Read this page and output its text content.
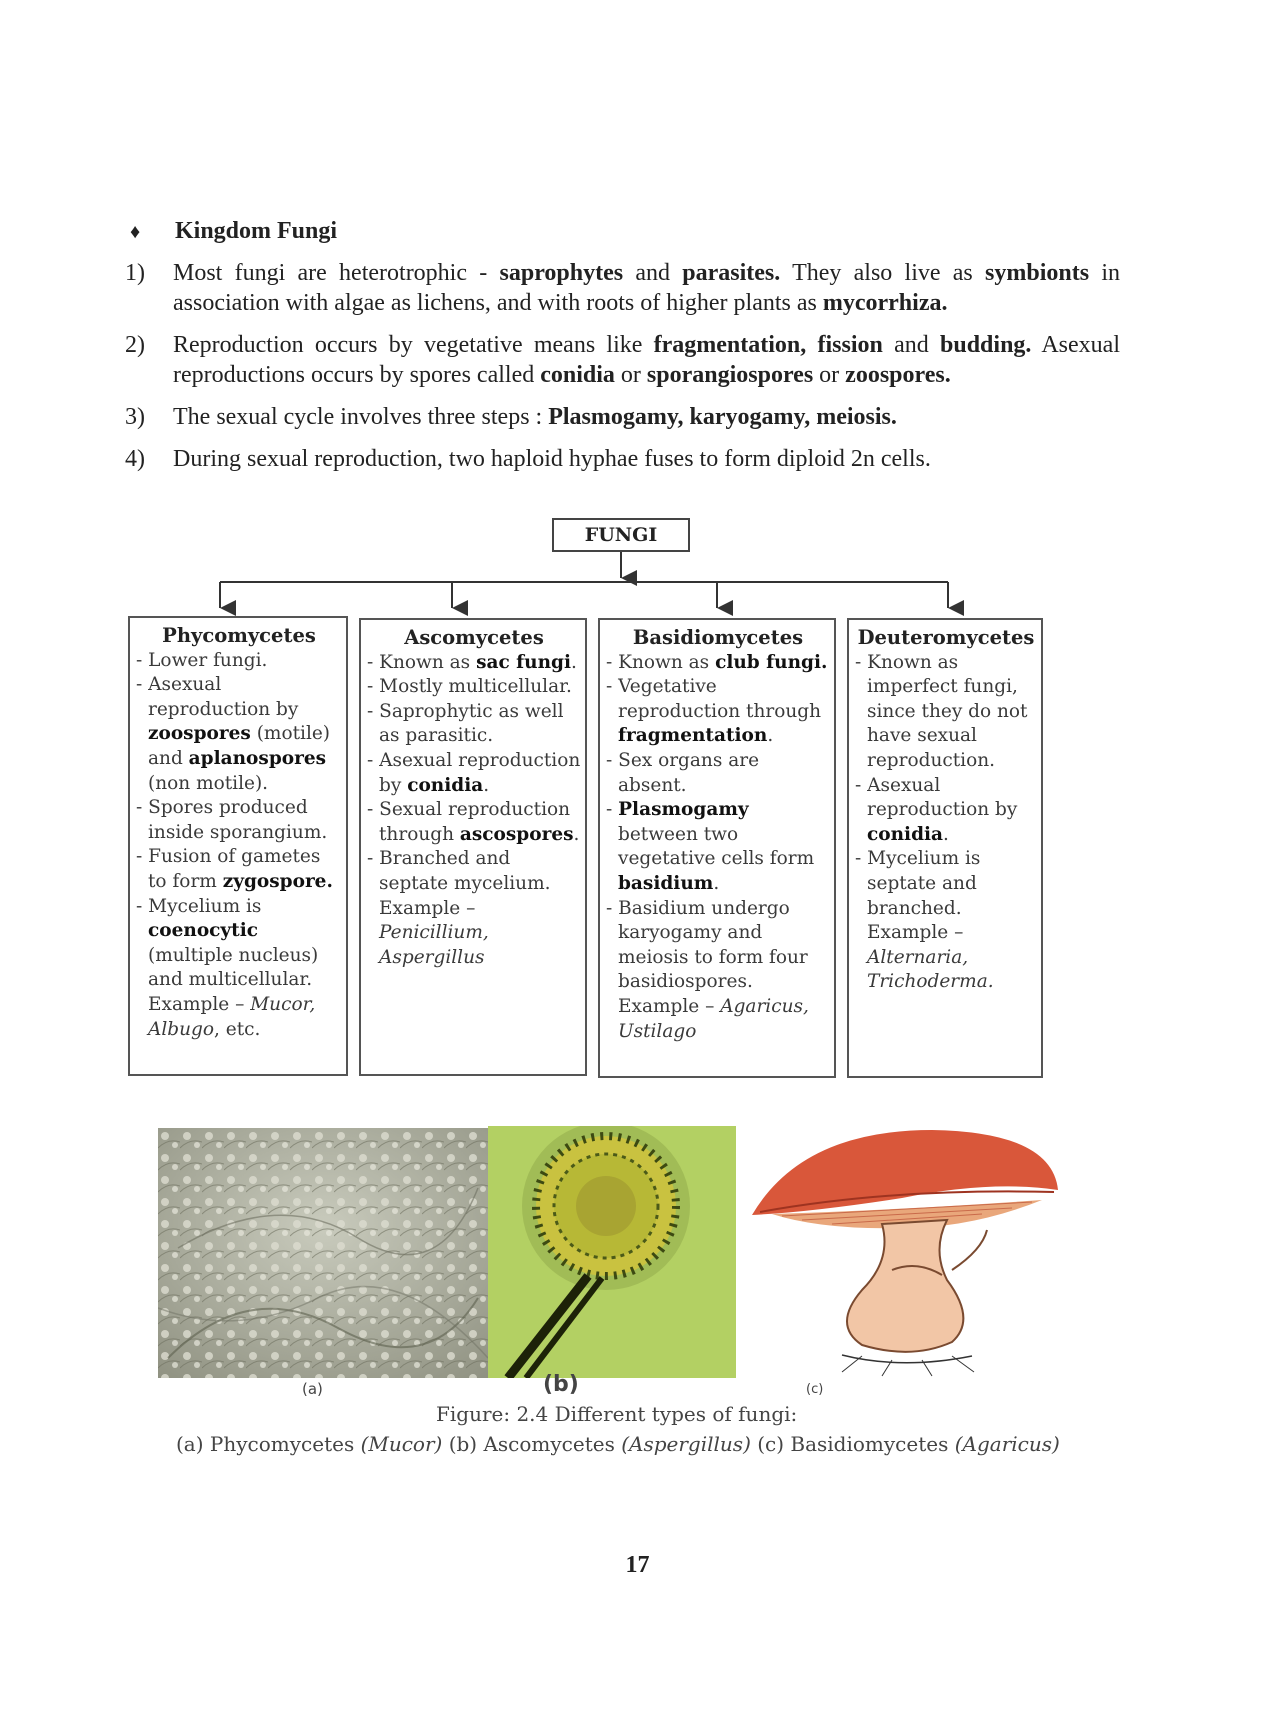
♦ Kingdom Fungi
1)	Most fungi are heterotrophic - saprophytes and parasites. They also live as symbionts in association with algae as lichens, and with roots of higher plants as mycorrhiza.
2)	Reproduction occurs by vegetative means like fragmentation, fission and budding. Asexual reproductions occurs by spores called conidia or sporangiospores or zoospores.
3)	The sexual cycle involves three steps : Plasmogamy, karyogamy, meiosis.
4)	During sexual reproduction, two haploid hyphae fuses to form diploid 2n cells.
FUNGI
Phycomycetes
- Lower fungi.
- Asexual reproduction by zoospores (motile) and aplanospores (non motile).
- Spores produced inside sporangium.
- Fusion of gametes to form zygospore.
- Mycelium is coenocytic (multiple nucleus) and multicellular. Example – Mucor, Albugo, etc.
Ascomycetes
- Known as sac fungi.
- Mostly multicellular.
- Saprophytic as well as parasitic.
- Asexual reproduction by conidia.
- Sexual reproduction through ascospores.
- Branched and septate mycelium. Example – Penicillium, Aspergillus
Basidiomycetes
- Known as club fungi.
- Vegetative reproduction through fragmentation.
- Sex organs are absent.
- Plasmogamy between two vegetative cells form basidium.
- Basidium undergo karyogamy and meiosis to form four basidiospores. Example – Agaricus, Ustilago
Deuteromycetes
- Known as imperfect fungi, since they do not have sexual reproduction.
- Asexual reproduction by conidia.
- Mycelium is septate and branched. Example – Alternaria, Trichoderma.
(a)	(b)	(c)
Figure: 2.4 Different types of fungi:
(a) Phycomycetes (Mucor) (b) Ascomycetes (Aspergillus) (c) Basidiomycetes (Agaricus)
17
